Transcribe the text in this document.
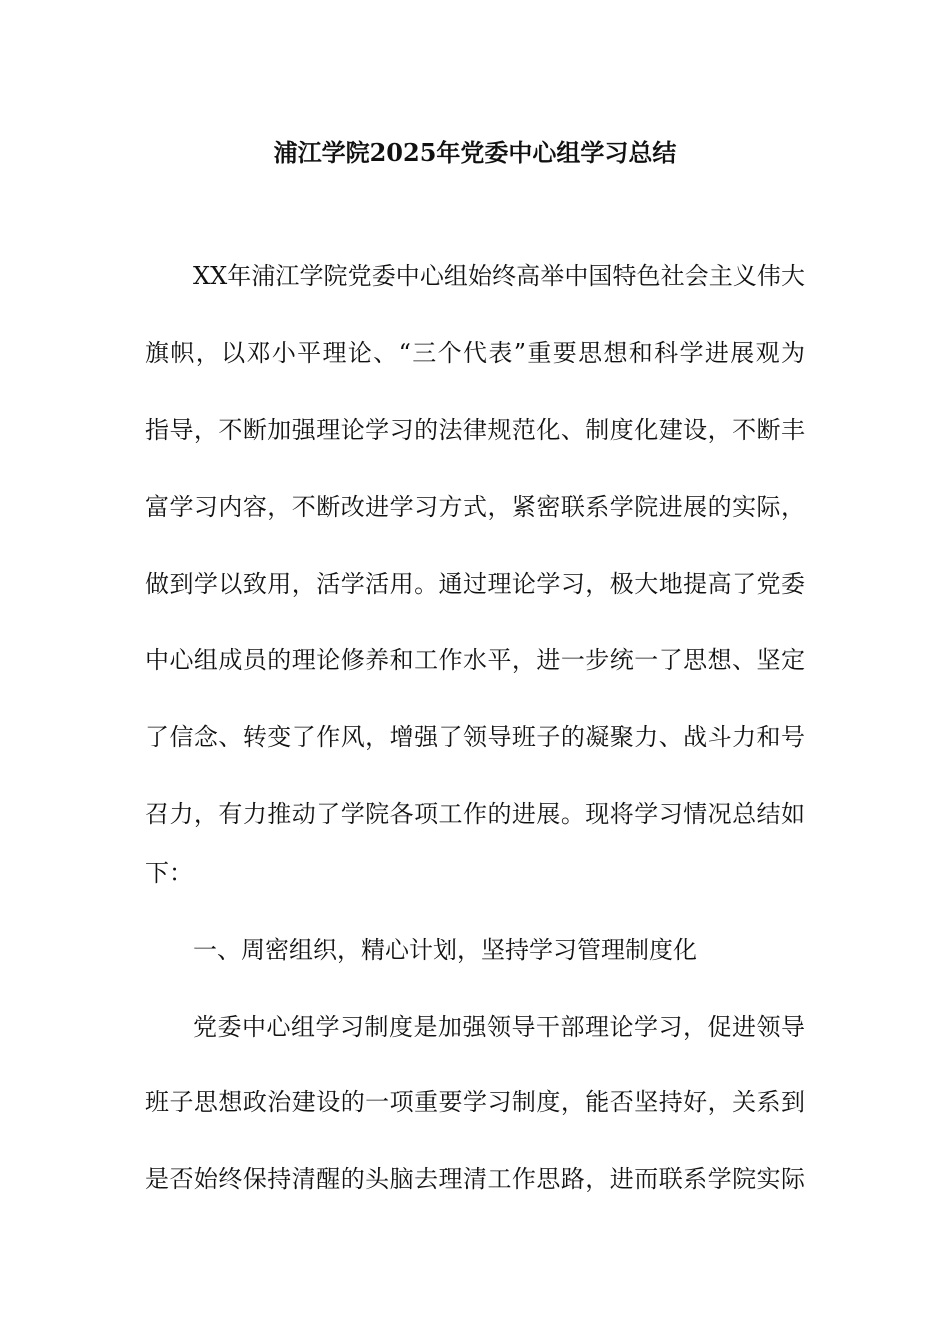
浦江学院2025年党委中心组学习总结

XX年浦江学院党委中心组始终高举中国特色社会主义伟大

旗帜，以邓小平理论、“三个代表”重要思想和科学进展观为

指导，不断加强理论学习的法律规范化、制度化建设，不断丰

富学习内容，不断改进学习方式，紧密联系学院进展的实际，

做到学以致用，活学活用。通过理论学习，极大地提高了党委

中心组成员的理论修养和工作水平，进一步统一了思想、坚定

了信念、转变了作风，增强了领导班子的凝聚力、战斗力和号

召力，有力推动了学院各项工作的进展。现将学习情况总结如

下：

一、周密组织，精心计划，坚持学习管理制度化

党委中心组学习制度是加强领导干部理论学习，促进领导

班子思想政治建设的一项重要学习制度，能否坚持好，关系到

是否始终保持清醒的头脑去理清工作思路，进而联系学院实际
